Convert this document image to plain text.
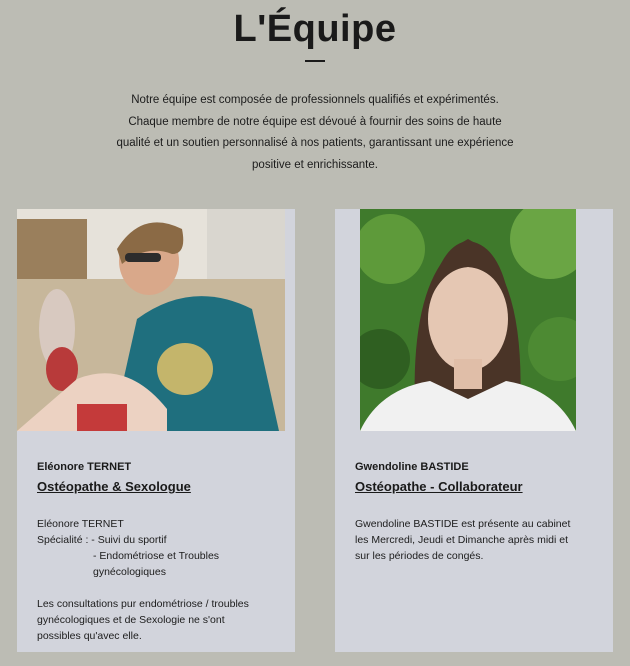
L'Équipe

Notre équipe est composée de professionnels qualifiés et expérimentés.

Chaque membre de notre équipe est dévoué à fournir des soins de haute

qualité et un soutien personnalisé à nos patients, garantissant une expérience

positive et enrichissante.

Eléonore TERNET
Ostéopathe & Sexologue
Eléonore TERNET
Spécialité : - Suivi du sportif
- Endométriose et Troubles
gynécologiques
Les consultations pur endométriose / troubles
gynécologiques et de Sexologie ne s'ont
possibles qu'avec elle.
Gwendoline BASTIDE
Ostéopathe - Collaborateur
Gwendoline BASTIDE est présente au cabinet
les Mercredi, Jeudi et Dimanche après midi et
sur les périodes de congés.
